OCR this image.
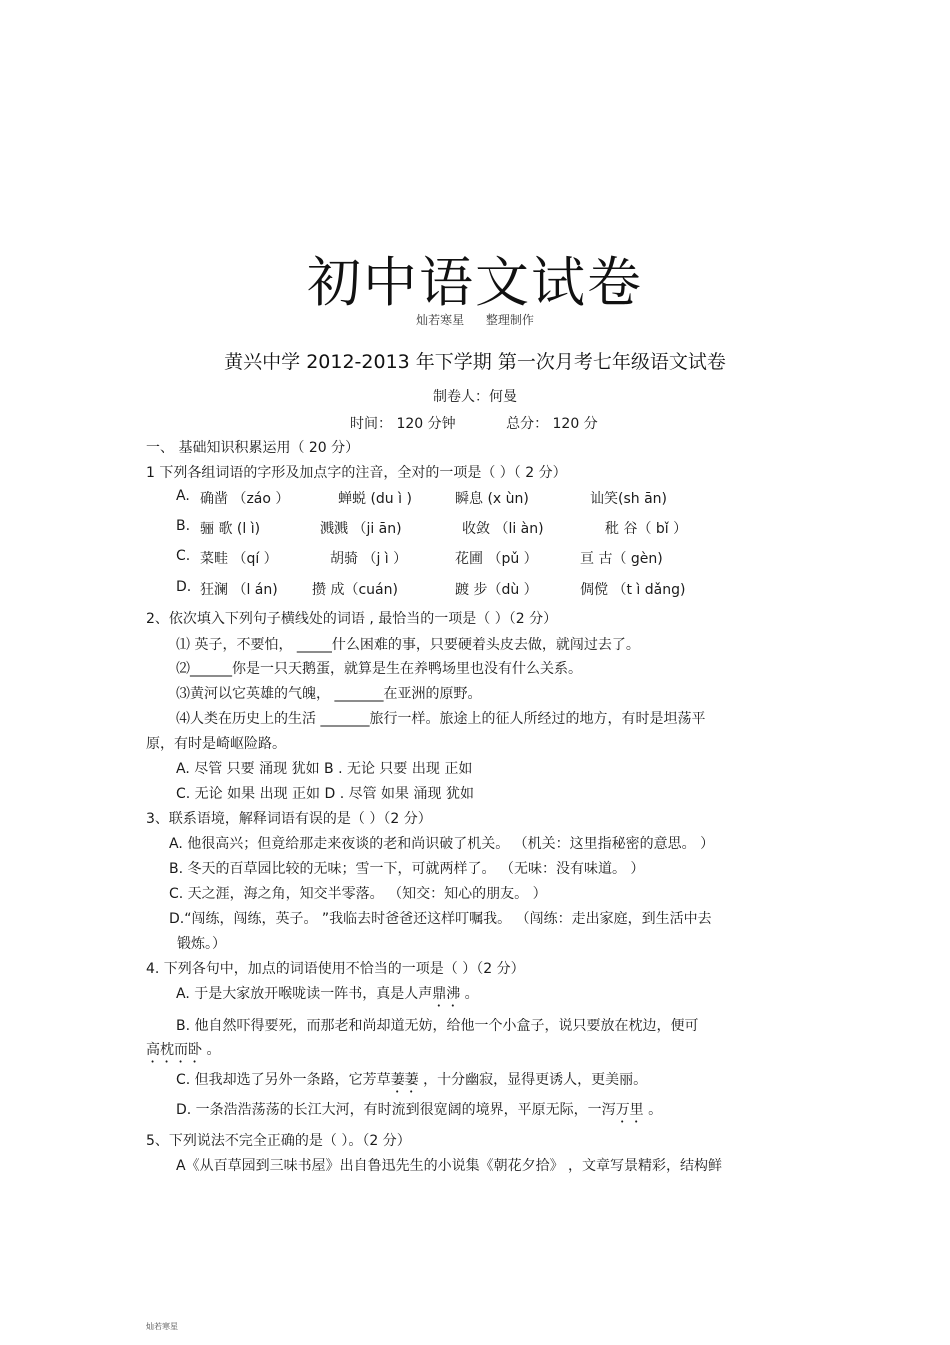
初中语文试卷
灿若寒星 整理制作
黄兴中学 2012-2013 年下学期 第一次月考七年级语文试卷
制卷人：何曼
时间： 120 分钟	总分： 120 分
一、 基础知识积累运用（ 20 分）
1 下列各组词语的字形及加点字的注音，全对的一项是（ ）（ 2 分）
A. 确凿 （záo ）	蝉蜕 (du ì )	瞬息 (x ùn)	讪笑(sh ān)
B. 骊 歌 (l ì)	溅溅 （ji ān)	收敛 （li àn)	秕 谷（ bǐ ）
C. 菜畦 （qí ）	胡骑 （j ì ）	花圃 （pǔ ）	亘 古（ gèn)
D. 狂澜 （l án) 攒 成（cuán)	踱 步（dù ）	倜傥 （t ì dǎng)
2、依次填入下列句子横线处的词语 , 最恰当的一项是（ ）（2 分）
⑴ 英子，不要怕， _____什么困难的事，只要硬着头皮去做，就闯过去了。
⑵______你是一只天鹅蛋，就算是生在养鸭场里也没有什么关系。
⑶黄河以它英雄的气魄， _______在亚洲的原野。
⑷人类在历史上的生活 _______旅行一样。旅途上的征人所经过的地方，有时是坦荡平
原，有时是崎岖险路。
A. 尽管 只要 涌现 犹如 B . 无论 只要 出现 正如
C. 无论 如果 出现 正如 D . 尽管 如果 涌现 犹如
3、联系语境，解释词语有误的是（ ）（2 分）
A. 他很高兴；但竟给那走来夜谈的老和尚识破了机关。 （机关：这里指秘密的意思。 ）
B. 冬天的百草园比较的无味；雪一下，可就两样了。 （无味：没有味道。 ）
C. 天之涯，海之角，知交半零落。 （知交：知心的朋友。 ）
D.“闯练，闯练，英子。 ”我临去时爸爸还这样叮嘱我。 （闯练：走出家庭，到生活中去
锻炼。）
4. 下列各句中，加点的词语使用不恰当的一项是（ ）（2 分）
A. 于是大家放开喉咙读一阵书，真是人声鼎沸 。
B. 他自然吓得要死，而那老和尚却道无妨，给他一个小盒子，说只要放在枕边，便可
高枕而卧 。
C. 但我却选了另外一条路，它芳草萋萋 ，十分幽寂，显得更诱人，更美丽。
D. 一条浩浩荡荡的长江大河，有时流到很宽阔的境界，平原无际，一泻万里 。
5、下列说法不完全正确的是（ ）。（2 分）
A《从百草园到三味书屋》出自鲁迅先生的小说集《朝花夕拾》 ，文章写景精彩，结构鲜
灿若寒星
